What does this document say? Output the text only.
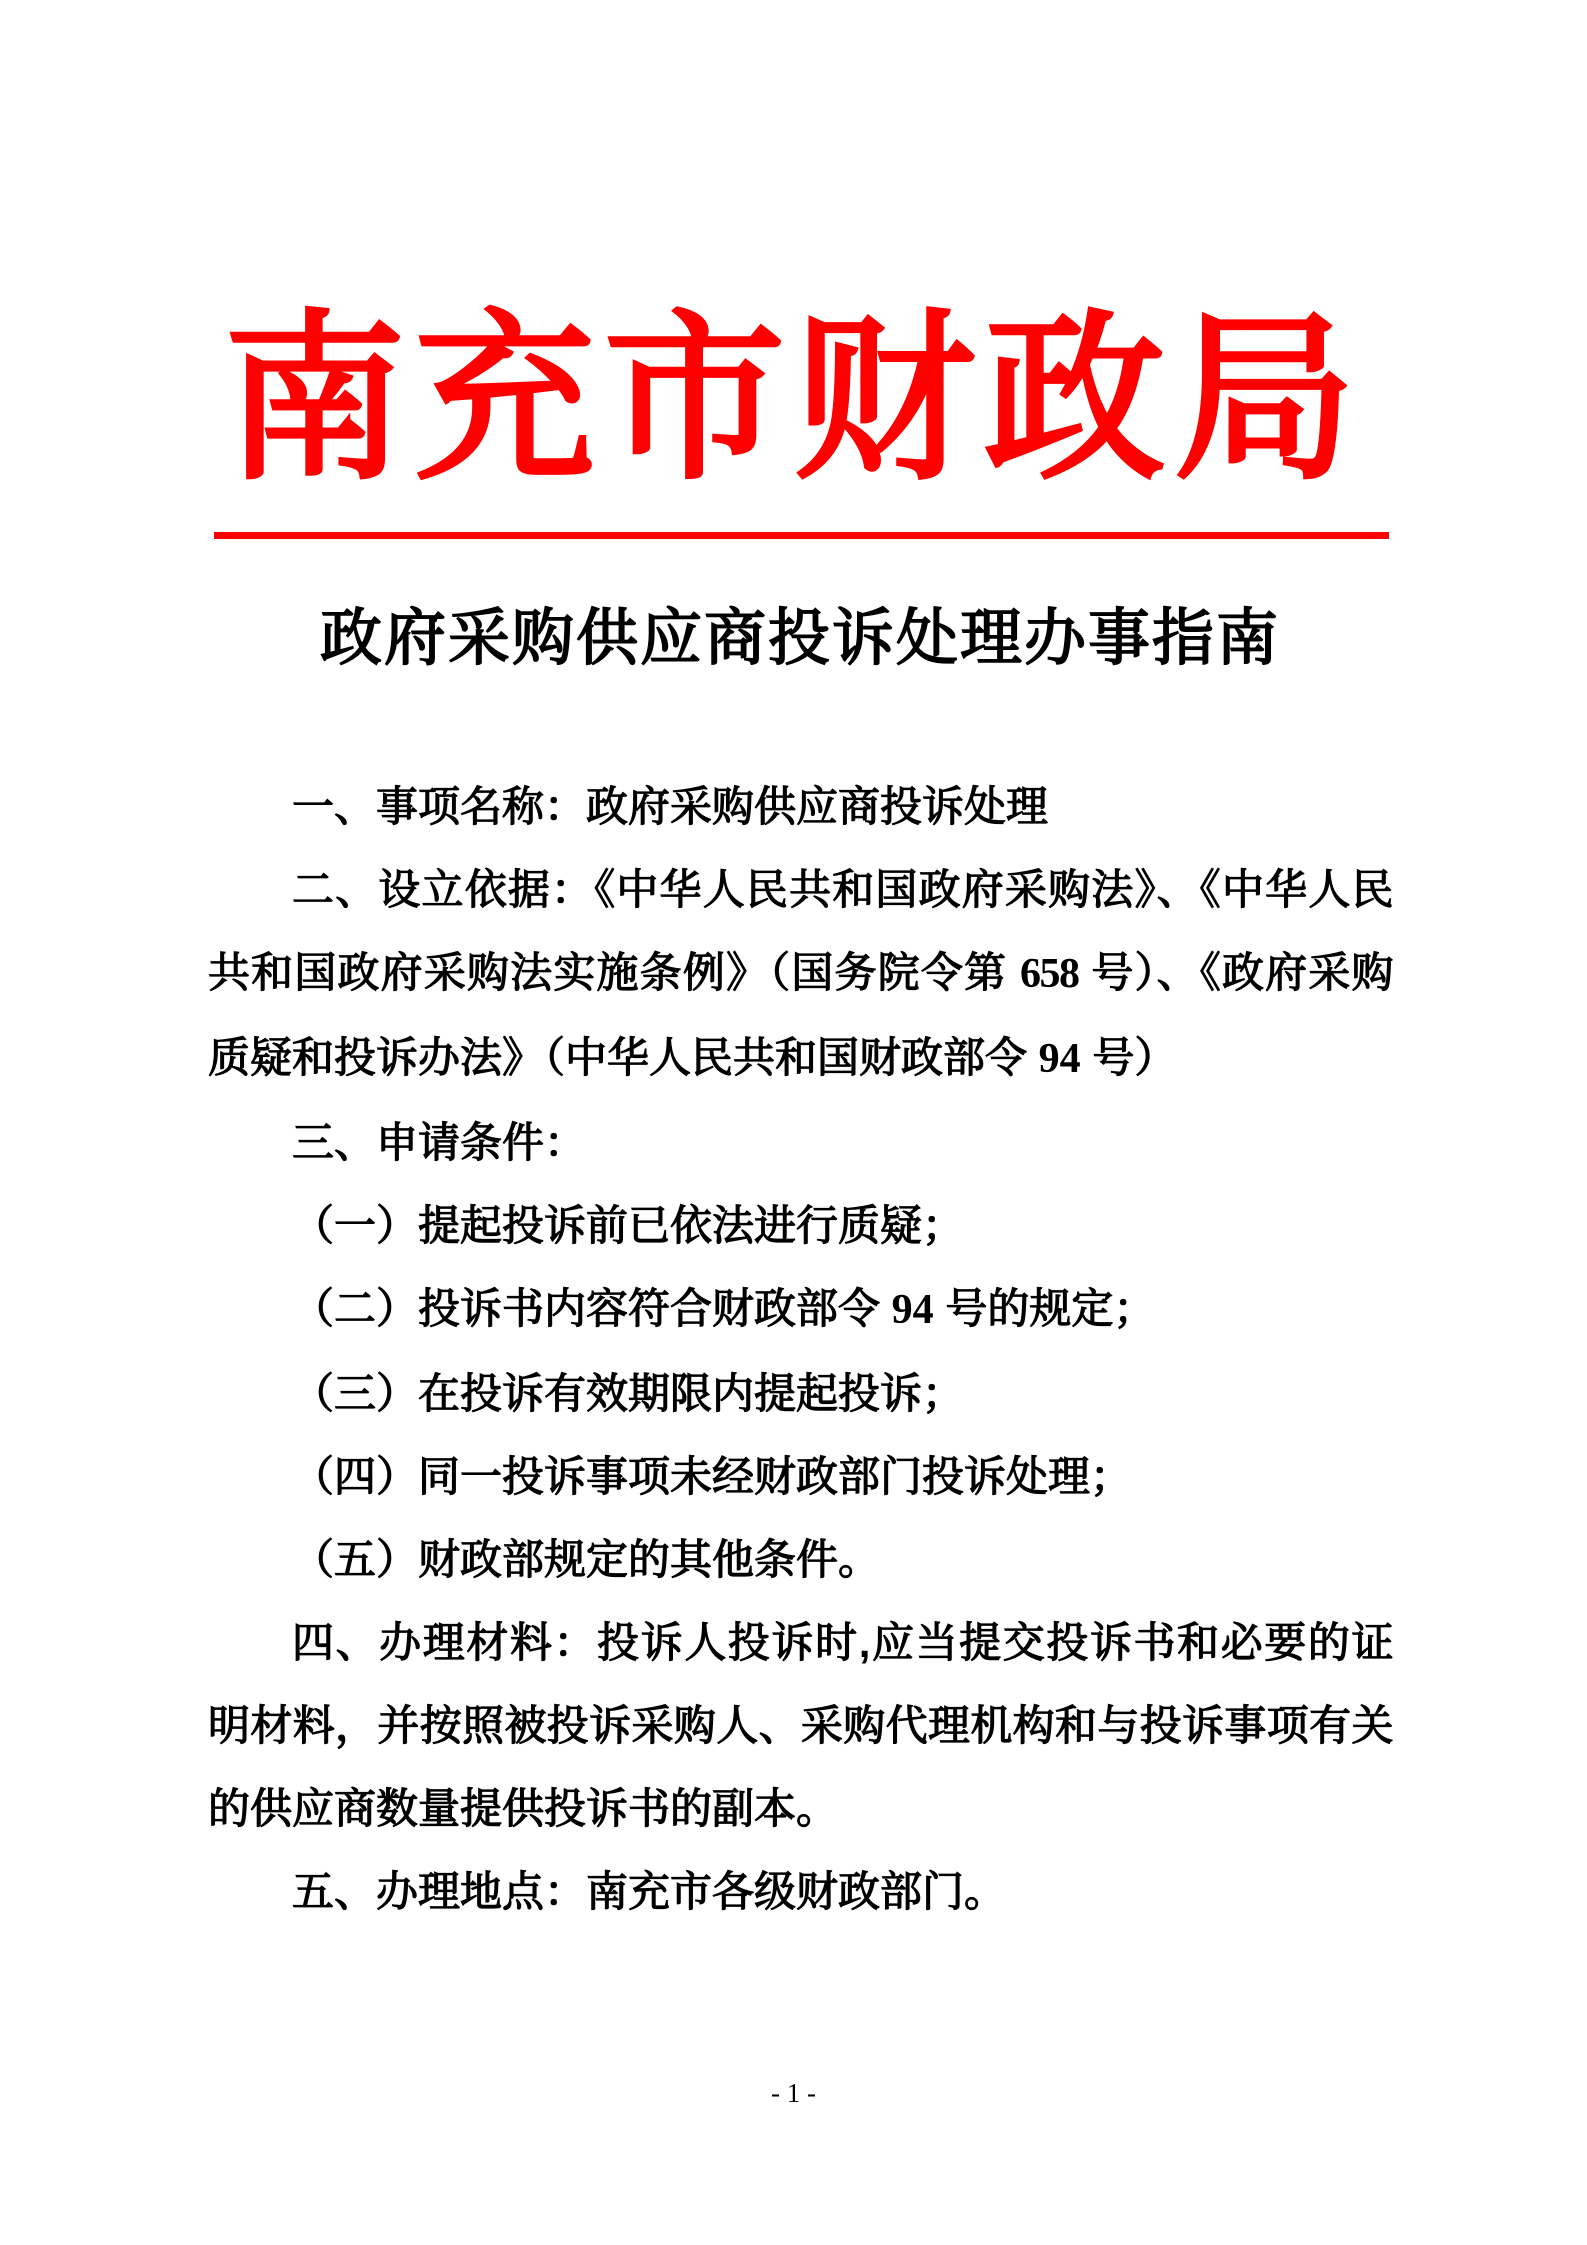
南充市财政局
政府采购供应商投诉处理办事指南
一、事项名称：政府采购供应商投诉处理
二、设立依据：《中华人民共和国政府采购法》、《中华人民
共和国政府采购法实施条例》（国务院令第 658 号）、《政府采购
质疑和投诉办法》（中华人民共和国财政部令 94 号）
三、申请条件：
（一）提起投诉前已依法进行质疑；
（二）投诉书内容符合财政部令 94 号的规定；
（三）在投诉有效期限内提起投诉；
（四）同一投诉事项未经财政部门投诉处理；
（五）财政部规定的其他条件。
四、办理材料：投诉人投诉时,应当提交投诉书和必要的证
明材料，并按照被投诉采购人、采购代理机构和与投诉事项有关
的供应商数量提供投诉书的副本。
五、办理地点：南充市各级财政部门。
- 1 -
